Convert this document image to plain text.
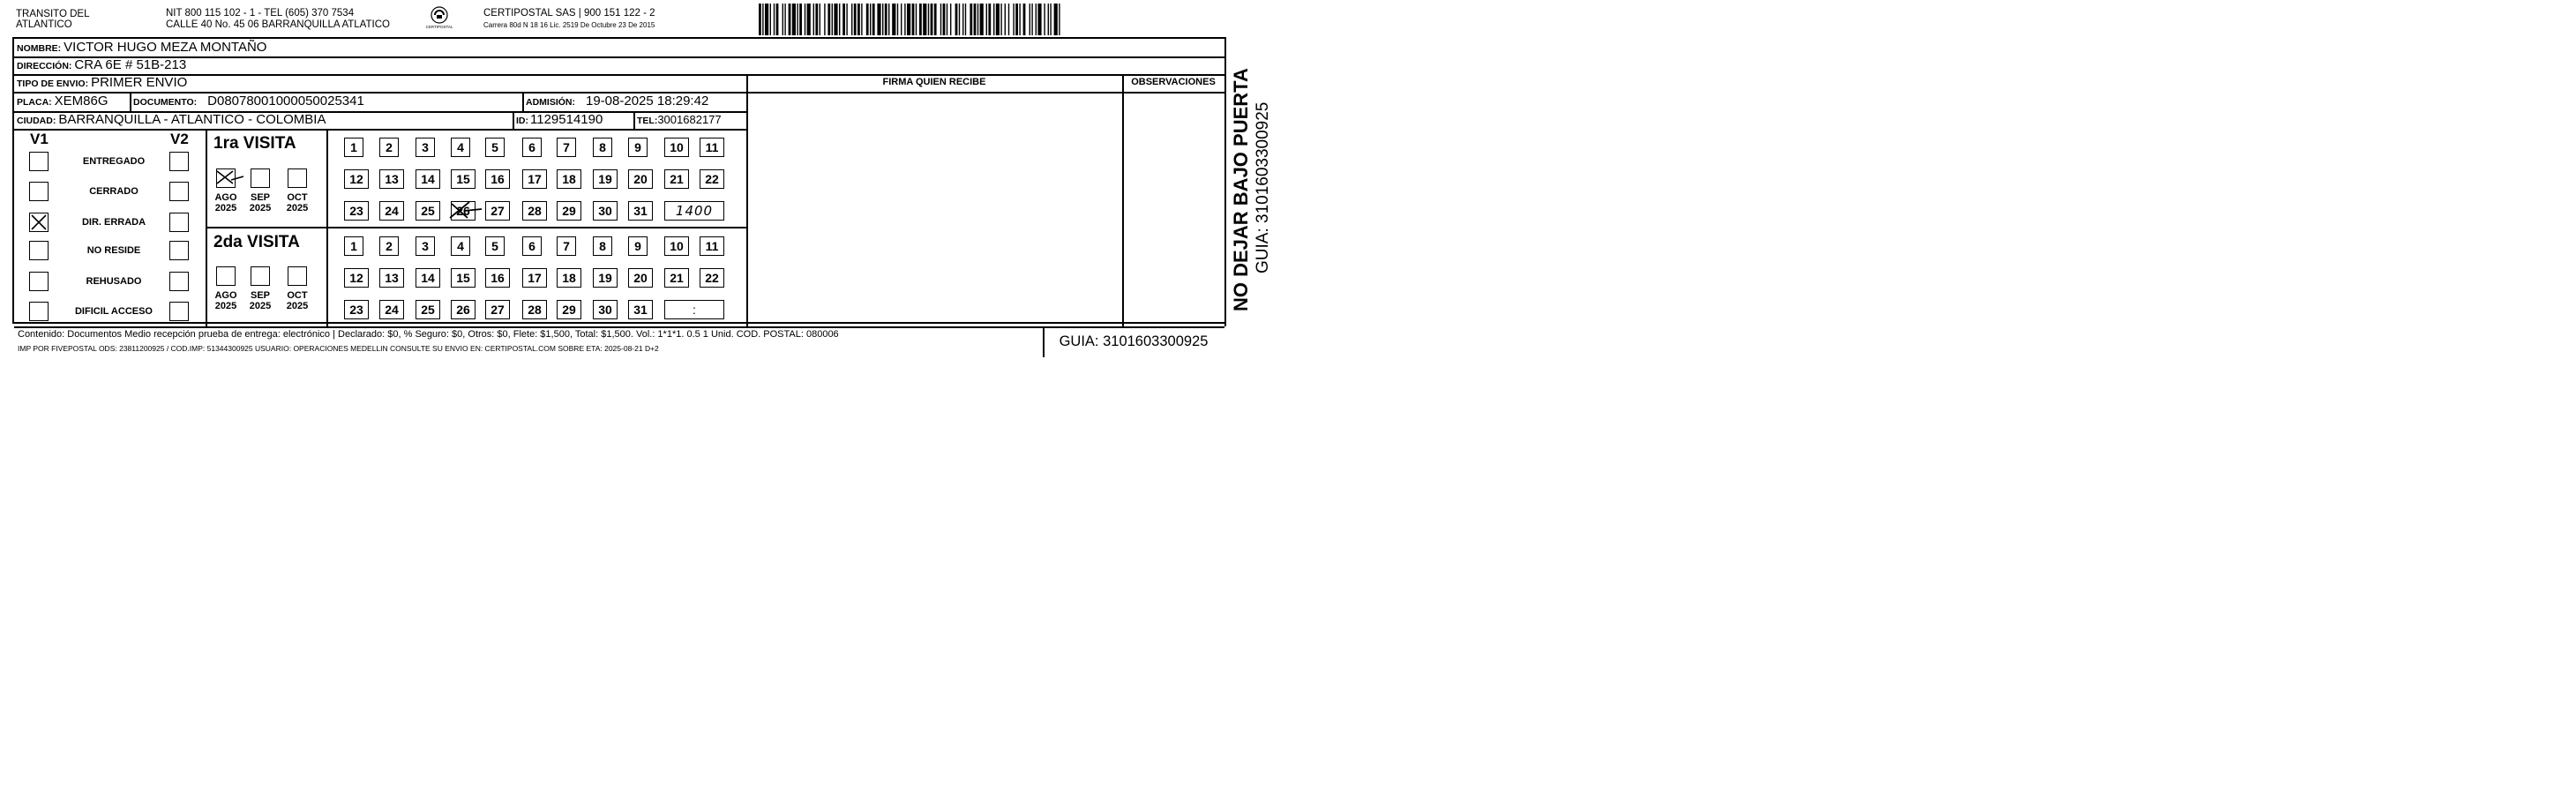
TRANSITO DEL
ATLANTICO
NIT 800 115 102 - 1 - TEL (605) 370 7534
CALLE 40 No. 45 06 BARRANQUILLA ATLATICO	CERTIPOSTAL
CERTIPOSTAL SAS | 900 151 122 - 2
Carrera 80d N 18 16 Lic. 2519 De Octubre 23 De 2015
NOMBRE: VICTOR HUGO MEZA MONTAÑO
DIRECCIÓN: CRA 6E # 51B-213
TIPO DE ENVIO: PRIMER ENVIO	FIRMA QUIEN RECIBE	OBSERVACIONES
PLACA: XEM86G	DOCUMENTO: D08078001000050025341	ADMISIÓN: 19-08-2025 18:29:42
CIUDAD: BARRANQUILLA - ATLANTICO - COLOMBIA	ID: 1129514190	TEL: 3001682177
V1	V2
ENTREGADO
CERRADO
DIR. ERRADA
NO RESIDE
REHUSADO
DIFICIL ACCESO
1ra VISITA
2da VISITA
AGO
2025
SEP
2025
OCT
2025
AGO
2025
SEP
2025
OCT
2025
1	2	3	4	5	6	7	8	9	10	11
12	13	14	15	16	17	18	19	20	21	22
23	24	25	26	27	28	29	30	31	1400
1	2	3	4	5	6	7	8	9	10	11
12	13	14	15	16	17	18	19	20	21	22
23	24	25	26	27	28	29	30	31	:
Contenido: Documentos Medio recepción prueba de entrega: electrónico | Declarado: $0, % Seguro: $0, Otros: $0, Flete: $1,500, Total: $1,500. Vol.: 1*1*1. 0.5 1 Unid. COD. POSTAL: 080006
IMP POR FIVEPOSTAL ODS: 23811200925 / COD.IMP: 51344300925 USUARIO: OPERACIONES MEDELLIN CONSULTE SU ENVIO EN: CERTIPOSTAL.COM SOBRE ETA: 2025-08-21 D+2	GUIA: 3101603300925
NO DEJAR BAJO PUERTA GUIA: 3101603300925
